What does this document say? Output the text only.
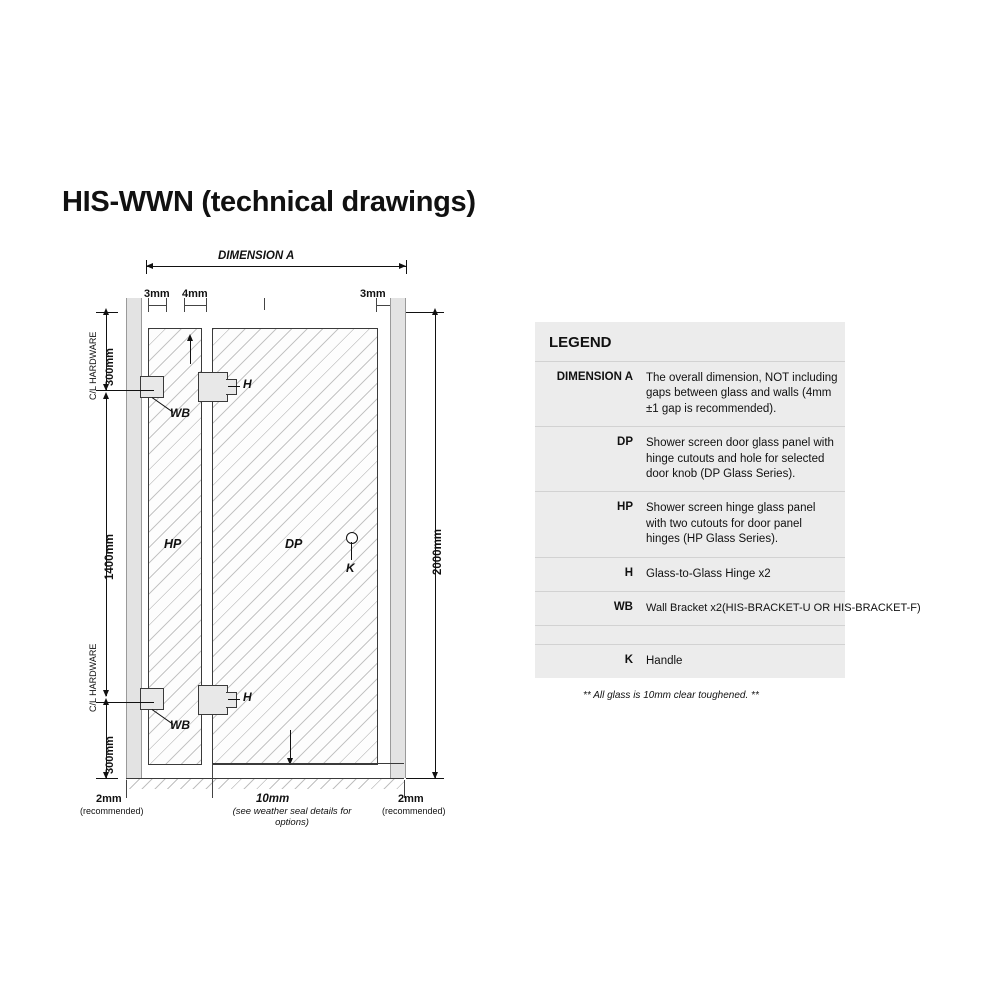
HIS-WWN (technical drawings)
DIMENSION A
3mm 4mm	3mm
HP	DP
H
H
WB
WB
K
300mm
C/L HARDWARE
1400mm
C/L HARDWARE
300mm
2000mm
2mm
(recommended)
10mm
(see weather seal details for options)
2mm
(recommended)
LEGEND
DIMENSION A	The overall dimension, NOT including gaps between glass and walls (4mm ±1 gap is recommended).
DP	Shower screen door glass panel with hinge cutouts and hole for selected door knob (DP Glass Series).
HP	Shower screen hinge glass panel with two cutouts for door panel hinges (HP Glass Series).
H	Glass-to-Glass Hinge x2
WB	Wall Bracket x2(HIS-BRACKET-U OR HIS-BRACKET-F)
K	Handle
** All glass is 10mm clear toughened. **
